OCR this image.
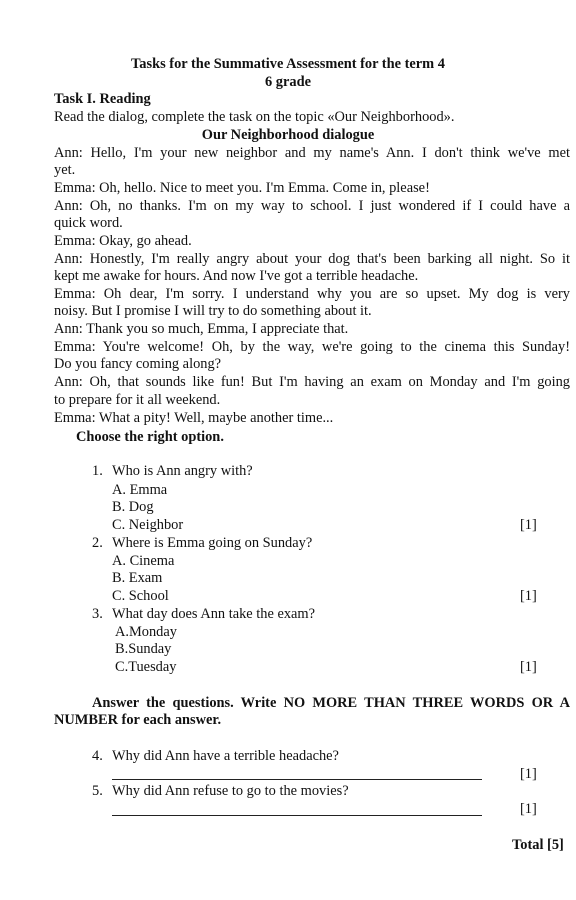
Tasks for the Summative Assessment for the term 4
6 grade
Task I. Reading
Read the dialog, complete the task on the topic «Our Neighborhood».
Our Neighborhood dialogue
Ann: Hello, I'm your new neighbor and my name's Ann. I don't think we've met
yet.
Emma: Oh, hello. Nice to meet you. I'm Emma. Come in, please!
Ann: Oh, no thanks. I'm on my way to school. I just wondered if I could have a
quick word.
Emma: Okay, go ahead.
Ann: Honestly, I'm really angry about your dog that's been barking all night. So it
kept me awake for hours. And now I've got a terrible headache.
Emma: Oh dear, I'm sorry. I understand why you are so upset. My dog is very
noisy. But I promise I will try to do something about it.
Ann: Thank you so much, Emma, I appreciate that.
Emma: You're welcome! Oh, by the way, we're going to the cinema this Sunday!
Do you fancy coming along?
Ann: Oh, that sounds like fun! But I'm having an exam on Monday and I'm going
to prepare for it all weekend.
Emma: What a pity! Well, maybe another time...
Choose the right option.
1. Who is Ann angry with?
A. Emma
B. Dog
C. Neighbor	[1]
2. Where is Emma going on Sunday?
A. Cinema
B. Exam
C. School	[1]
3. What day does Ann take the exam?
A.Monday
B.Sunday
C.Tuesday	[1]
Answer the questions. Write NO MORE THAN THREE WORDS OR A
NUMBER for each answer.
4. Why did Ann have a terrible headache?
[1]
5. Why did Ann refuse to go to the movies?
[1]
Total [5]
